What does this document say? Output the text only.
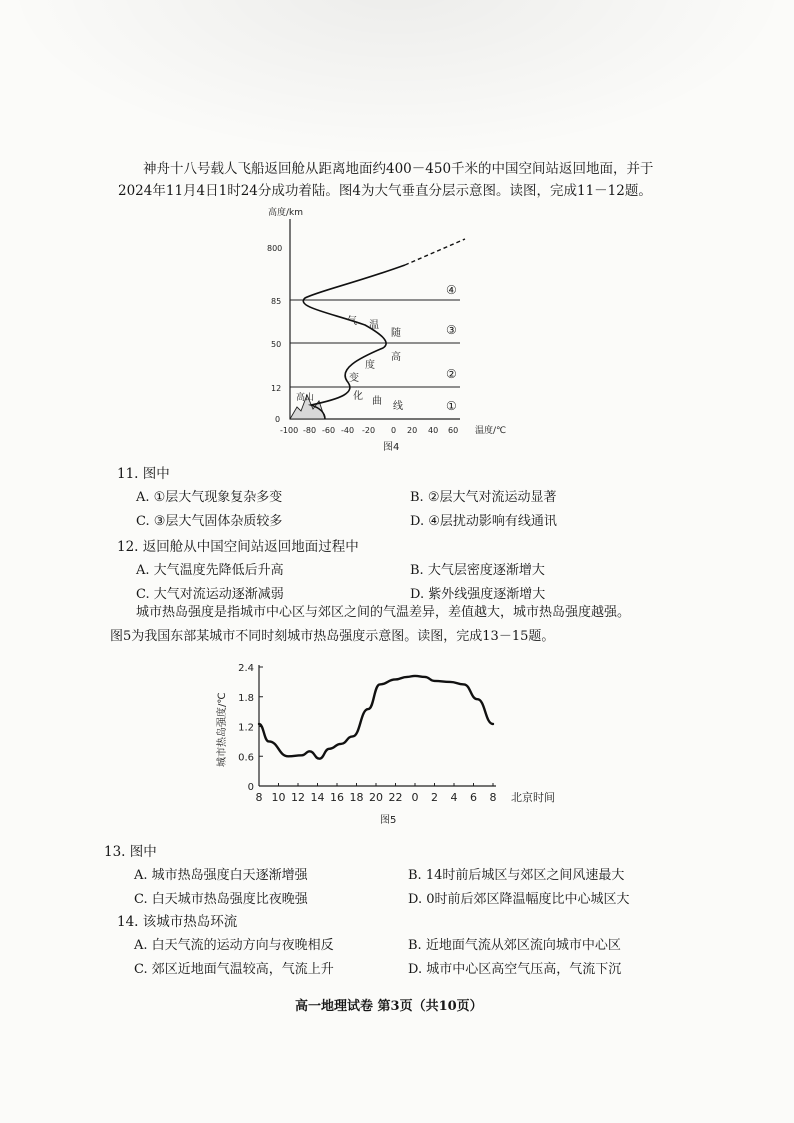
神舟十八号载人飞船返回舱从距离地面约400－450千米的中国空间站返回地面，并于
2024年11月4日1时24分成功着陆。图4为大气垂直分层示意图。读图，完成11－12题。
高度/km
800
85
50
12
0
-100 -80 -60 -40 -20 0 20 40 60 温度/℃
高山
气 温
随
高
度
变
化 曲 线
④
③
②
①
图4
11. 图中
A. ①层大气现象复杂多变	B. ②层大气对流运动显著
C. ③层大气固体杂质较多	D. ④层扰动影响有线通讯
12. 返回舱从中国空间站返回地面过程中
A. 大气温度先降低后升高	B. 大气层密度逐渐增大
C. 大气对流运动逐渐减弱	D. 紫外线强度逐渐增大
城市热岛强度是指城市中心区与郊区之间的气温差异，差值越大，城市热岛强度越强。
图5为我国东部某城市不同时刻城市热岛强度示意图。读图，完成13－15题。
城市热岛强度/℃
0
0.6
1.2
1.8
2.4
8 10 12 14 16 18 20 22 0 2 4 6 8 北京时间
图5
13. 图中
A. 城市热岛强度白天逐渐增强	B. 14时前后城区与郊区之间风速最大
C. 白天城市热岛强度比夜晚强	D. 0时前后郊区降温幅度比中心城区大
14. 该城市热岛环流
A. 白天气流的运动方向与夜晚相反	B. 近地面气流从郊区流向城市中心区
C. 郊区近地面气温较高，气流上升	D. 城市中心区高空气压高，气流下沉
高一地理试卷 第3页（共10页）
